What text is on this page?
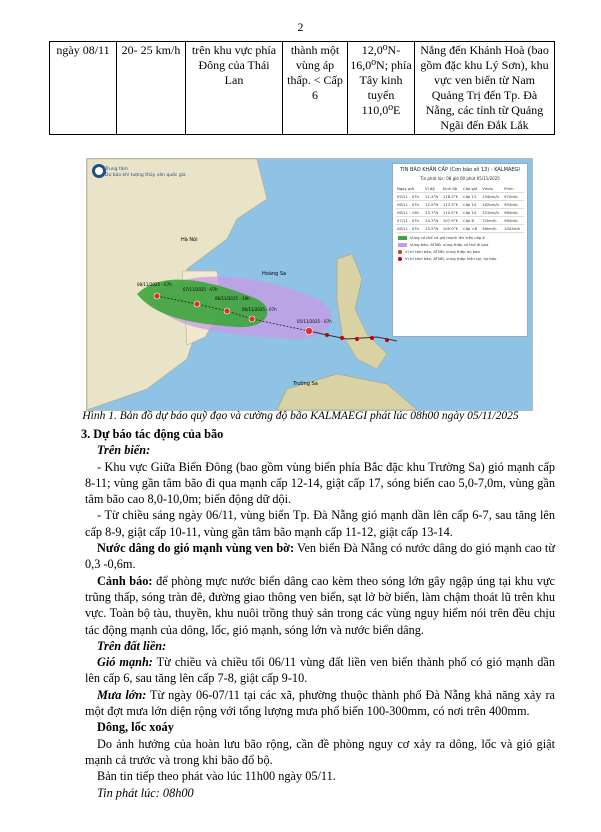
2
ngày 08/11	20- 25 km/h	trên khu vực phía Đông của Thái Lan	thành một vùng áp thấp. < Cấp 6	12,0⁰N-16,0⁰N; phía Tây kinh tuyến 110,0⁰E	Nắng đến Khánh Hoà (bao gồm đặc khu Lý Sơn), khu vực ven biển từ Nam Quảng Trị đến Tp. Đà Nẵng, các tỉnh từ Quảng Ngãi đến Đắk Lắk
Trung tâm
Dự báo khí tượng thủy văn quốc gia
Hà Nội
Hoàng Sa
Trường Sa
08/11/2025 - 07h
07/11/2025 - 07h
06/11/2025 - 19h
06/11/2025 - 07h
05/11/2025 - 07h
TIN BÃO KHẨN CẤP (Cơn bão số 13) - KALMAEGI
Tin phát lúc: 08 giờ 00 phút 05/11/2025
Ngày giờ	Vĩ độ	Kinh độ	Cấp gió	Vmax	Pmin
05/11 - 07h	11.4°N	118.3°E	Cấp 13	134km/h	970mb
06/11 - 07h	12.9°N	113.3°E	Cấp 14	162km/h	955mb
06/11 - 19h	13.7°N	110.5°E	Cấp 14	151km/h	960mb
07/11 - 07h	14.3°N	107.9°E	Cấp 8	72km/h	990mb
08/11 - 07h	15.5°N	105.0°E	Cấp <6	36km/h	1004mb
Vùng có thể có gió mạnh lên trên cấp 6
Vùng bão, ATNĐ, vùng thấp có thể đi qua
Vị trí tâm bão, ATNĐ, vùng thấp dự báo
Vị trí tâm bão, ATNĐ, vùng thấp hiện tại, dự báo
Hình 1. Bản đồ dự báo quỹ đạo và cường độ bão KALMAEGI phát lúc 08h00 ngày 05/11/2025

3. Dự báo tác động của bão

Trên biển:

- Khu vực Giữa Biển Đông (bao gồm vùng biển phía Bắc đặc khu Trường Sa) gió mạnh cấp 8-11; vùng gần tâm bão đi qua mạnh cấp 12-14, giật cấp 17, sóng biển cao 5,0-7,0m, vùng gần tâm bão cao 8,0-10,0m; biển động dữ dội.

- Từ chiều sáng ngày 06/11, vùng biển Tp. Đà Nẵng gió mạnh dần lên cấp 6-7, sau tăng lên cấp 8-9, giật cấp 10-11, vùng gần tâm bão mạnh cấp 11-12, giật cấp 13-14.

Nước dâng do gió mạnh vùng ven bờ: Ven biển Đà Nẵng có nước dâng do gió mạnh cao từ 0,3 -0,6m.

Cảnh báo: để phòng mực nước biển dâng cao kèm theo sóng lớn gây ngập úng tại khu vực trũng thấp, sóng tràn đê, đường giao thông ven biển, sạt lở bờ biển, làm chậm thoát lũ trên khu vực. Toàn bộ tàu, thuyền, khu nuôi trồng thuỷ sản trong các vùng nguy hiểm nói trên đều chịu tác động mạnh của dông, lốc, gió mạnh, sóng lớn và nước biển dâng.

Trên đất liền:

Gió mạnh: Từ chiều và chiều tối 06/11 vùng đất liền ven biển thành phố có gió mạnh dần lên cấp 6, sau tăng lên cấp 7-8, giật cấp 9-10.

Mưa lớn: Từ ngày 06-07/11 tại các xã, phường thuộc thành phố Đà Nẵng khả năng xảy ra một đợt mưa lớn diện rộng với tổng lượng mưa phổ biến 100-300mm, có nơi trên 400mm.

Dông, lốc xoáy

Do ảnh hưởng của hoàn lưu bão rộng, cần đề phòng nguy cơ xảy ra dông, lốc và gió giật mạnh cả trước và trong khi bão đổ bộ.

Bản tin tiếp theo phát vào lúc 11h00 ngày 05/11.

Tin phát lúc: 08h00
